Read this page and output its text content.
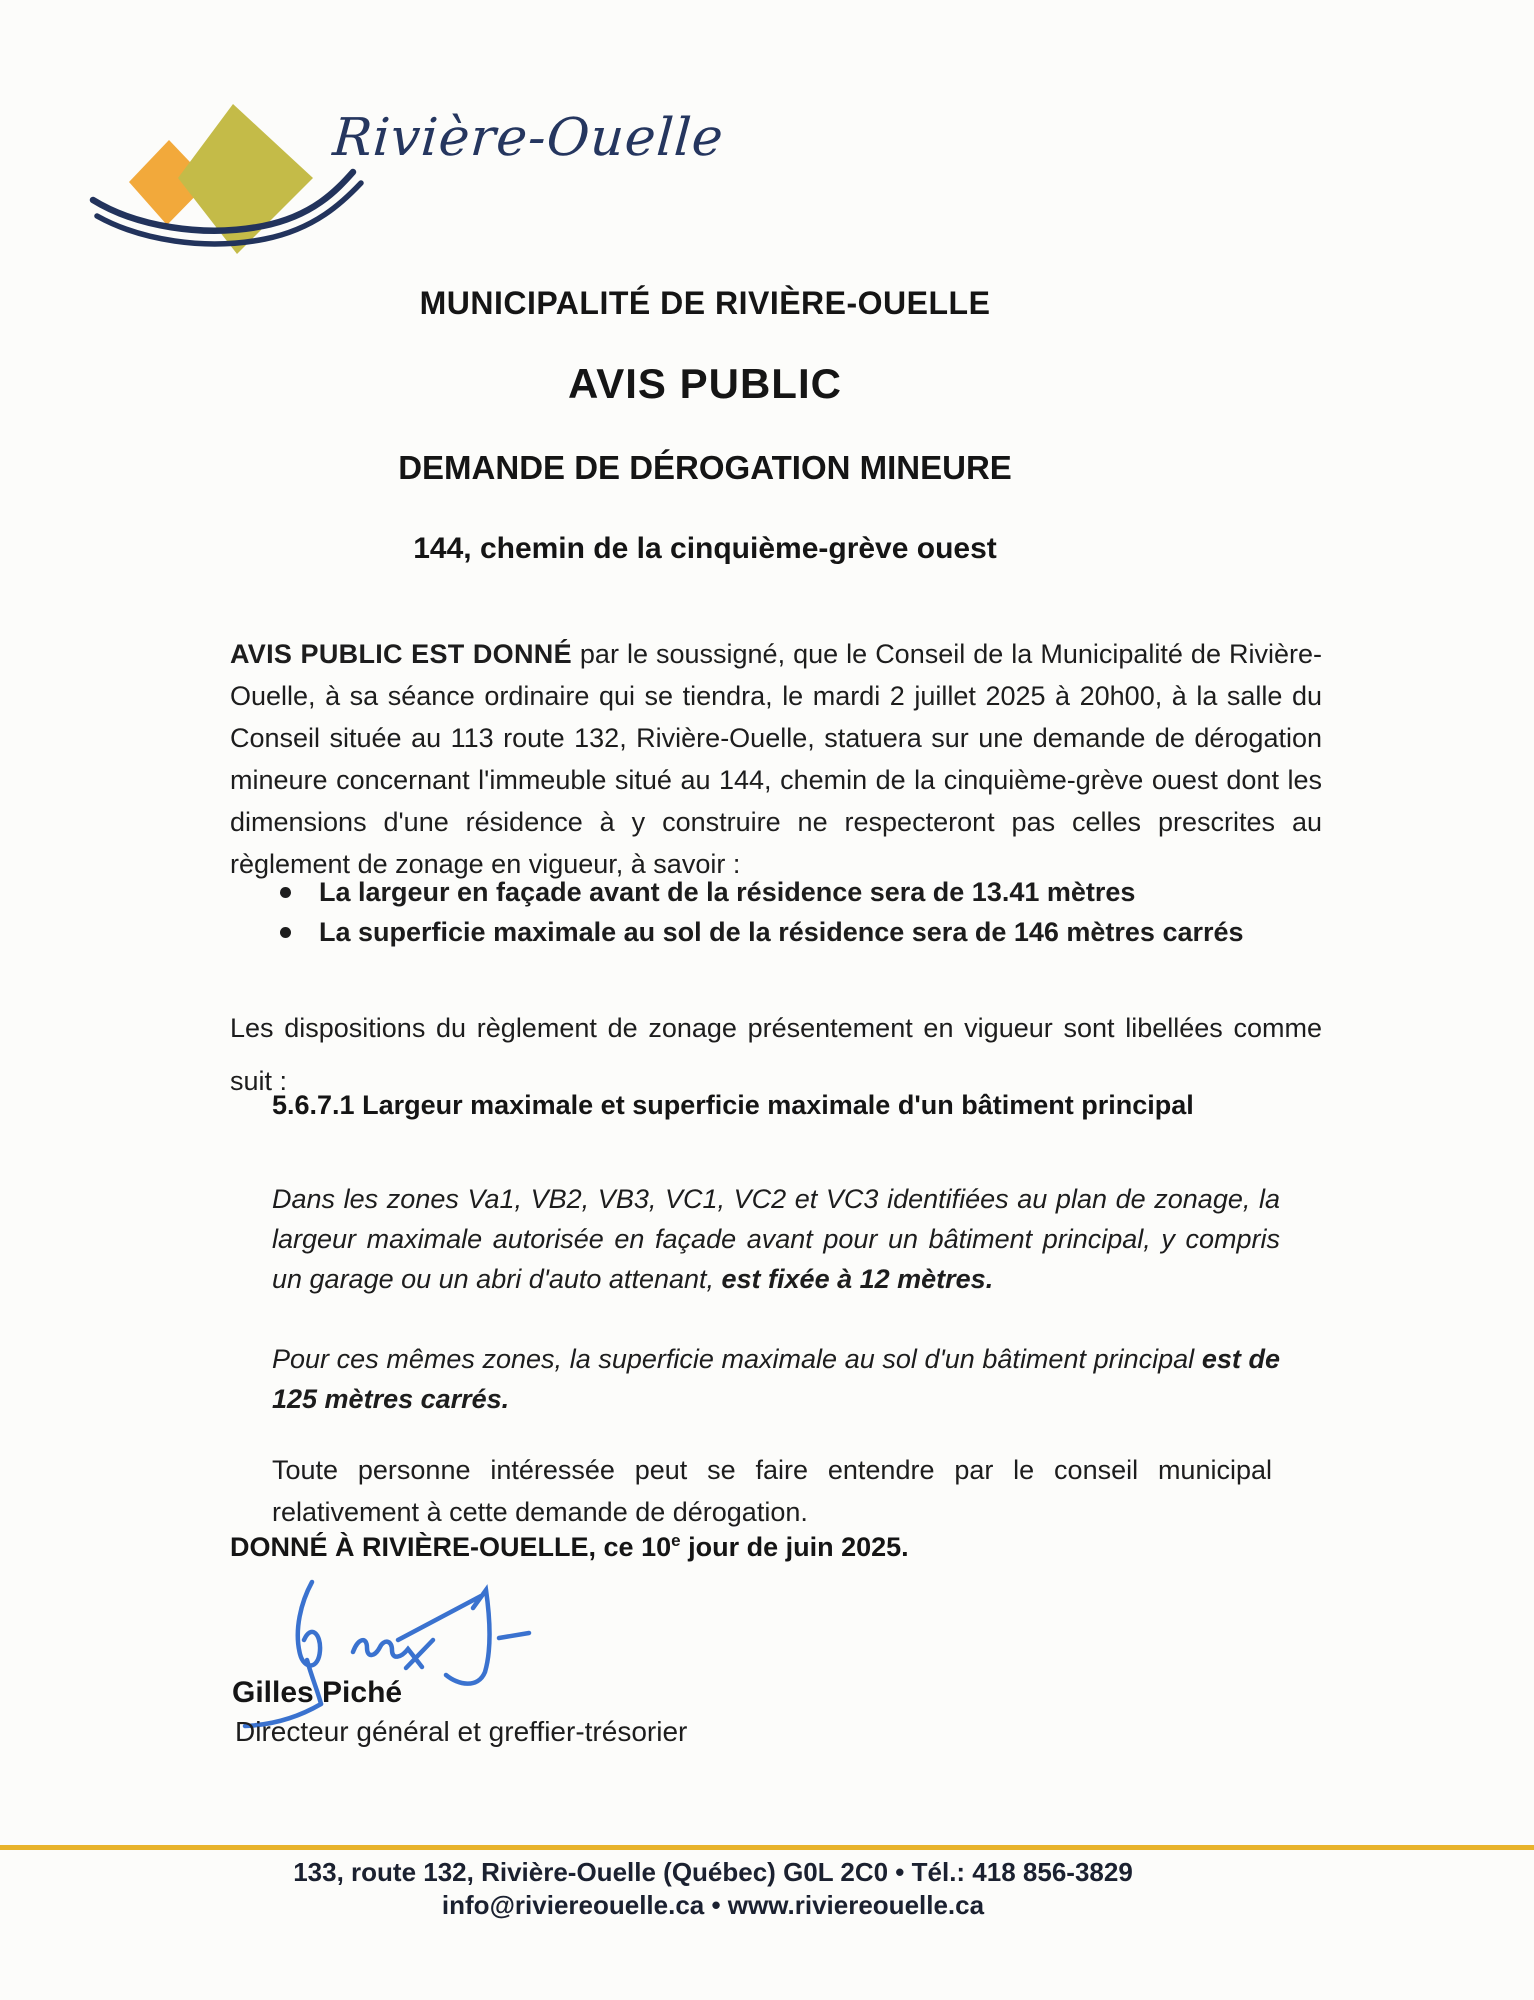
Rivière-Ouelle
MUNICIPALITÉ DE RIVIÈRE-OUELLE
AVIS PUBLIC
DEMANDE DE DÉROGATION MINEURE
144, chemin de la cinquième-grève ouest

AVIS PUBLIC EST DONNÉ par le soussigné, que le Conseil de la Municipalité de Rivière-Ouelle, à sa séance ordinaire qui se tiendra, le mardi 2 juillet 2025 à 20h00, à la salle du Conseil située au 113 route 132, Rivière-Ouelle, statuera sur une demande de dérogation mineure concernant l'immeuble situé au 144, chemin de la cinquième-grève ouest dont les dimensions d'une résidence à y construire ne respecteront pas celles prescrites au règlement de zonage en vigueur, à savoir :

La largeur en façade avant de la résidence sera de 13.41 mètres
La superficie maximale au sol de la résidence sera de 146 mètres carrés

Les dispositions du règlement de zonage présentement en vigueur sont libellées comme suit :

5.6.7.1 Largeur maximale et superficie maximale d'un bâtiment principal

Dans les zones Va1, VB2, VB3, VC1, VC2 et VC3 identifiées au plan de zonage, la largeur maximale autorisée en façade avant pour un bâtiment principal, y compris un garage ou un abri d'auto attenant, est fixée à 12 mètres.

Pour ces mêmes zones, la superficie maximale au sol d'un bâtiment principal est de 125 mètres carrés.

Toute personne intéressée peut se faire entendre par le conseil municipal relativement à cette demande de dérogation.

DONNÉ À RIVIÈRE-OUELLE, ce 10e jour de juin 2025.
Gilles Piché
Directeur général et greffier-trésorier
133, route 132, Rivière-Ouelle (Québec) G0L 2C0 • Tél.: 418 856-3829
info@riviereouelle.ca • www.riviereouelle.ca
